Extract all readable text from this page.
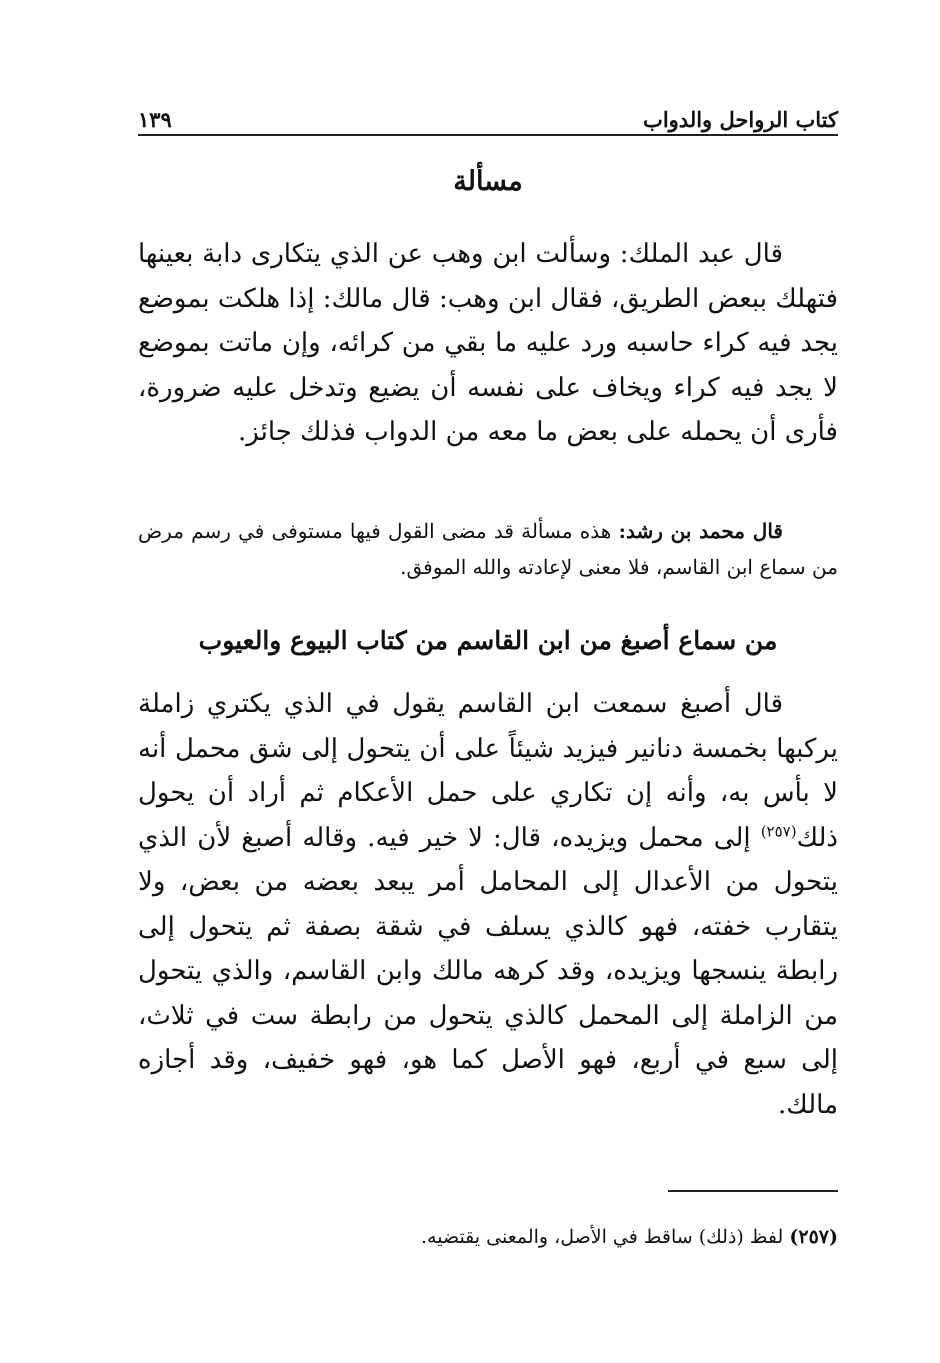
كتاب الرواحل والدواب
١٣٩
مسألة

قال عبد الملك: وسألت ابن وهب عن الذي يتكارى دابة بعينها فتهلك ببعض الطريق، فقال ابن وهب: قال مالك: إذا هلكت بموضع يجد فيه كراء حاسبه ورد عليه ما بقي من كرائه، وإن ماتت بموضع لا يجد فيه كراء ويخاف على نفسه أن يضيع وتدخل عليه ضرورة، فأرى أن يحمله على بعض ما معه من الدواب فذلك جائز.

قال محمد بن رشد: هذه مسألة قد مضى القول فيها مستوفى في رسم مرض من سماع ابن القاسم، فلا معنى لإعادته والله الموفق.

من سماع أصبغ من ابن القاسم من كتاب البيوع والعيوب

قال أصبغ سمعت ابن القاسم يقول في الذي يكتري زاملة يركبها بخمسة دنانير فيزيد شيئاً على أن يتحول إلى شق محمل أنه لا بأس به، وأنه إن تكاري على حمل الأعكام ثم أراد أن يحول ذلك$^{(٢٥٧)}$ إلى محمل ويزيده، قال: لا خير فيه. وقاله أصبغ لأن الذي يتحول من الأعدال إلى المحامل أمر يبعد بعضه من بعض، ولا يتقارب خفته، فهو كالذي يسلف في شقة بصفة ثم يتحول إلى رابطة ينسجها ويزيده، وقد كرهه مالك وابن القاسم، والذي يتحول من الزاملة إلى المحمل كالذي يتحول من رابطة ست في ثلاث، إلى سبع في أربع، فهو الأصل كما هو، فهو خفيف، وقد أجازه مالك.

(٢٥٧) لفظ (ذلك) ساقط في الأصل، والمعنى يقتضيه.
